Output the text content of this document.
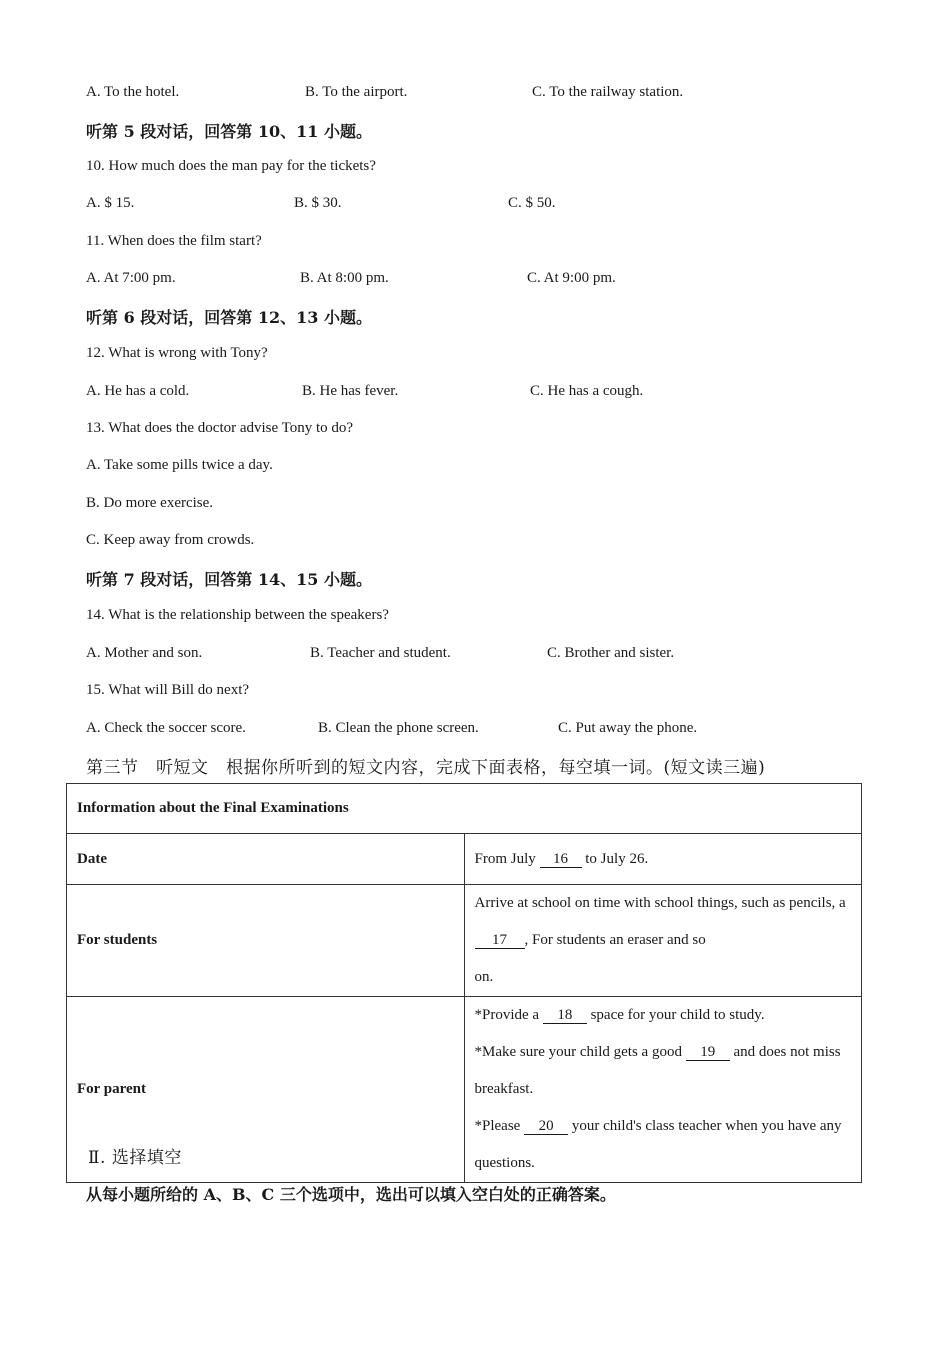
A. To the hotel.	B. To the airport.	C. To the railway station.
听第 5 段对话，回答第 10、11 小题。
10. How much does the man pay for the tickets?
A. $ 15.	B. $ 30.	C. $ 50.
11. When does the film start?
A. At 7:00 pm.	B. At 8:00 pm.	C. At 9:00 pm.
听第 6 段对话，回答第 12、13 小题。
12. What is wrong with Tony?
A. He has a cold.	B. He has fever.	C. He has a cough.
13. What does the doctor advise Tony to do?
A. Take some pills twice a day.
B. Do more exercise.
C. Keep away from crowds.
听第 7 段对话，回答第 14、15 小题。
14. What is the relationship between the speakers?
A. Mother and son.	B. Teacher and student.	C. Brother and sister.
15. What will Bill do next?
A. Check the soccer score.	B. Clean the phone screen.	C. Put away the phone.
第三节　听短文　根据你所听到的短文内容，完成下面表格，每空填一词。(短文读三遍)
Information about the Final Examinations	
Date	From July 16 to July 26.
For students	Arrive at school on time with school things, such as pencils, a 17 , For students an eraser and so
on.

For parent	*Provide a 18 space for your child to study.
*Make sure your child gets a good 19 and does not miss breakfast.
*Please 20 your child's class teacher when you have any questions.
Ⅱ. 选择填空
从每小题所给的 A、B、C 三个选项中，选出可以填入空白处的正确答案。
